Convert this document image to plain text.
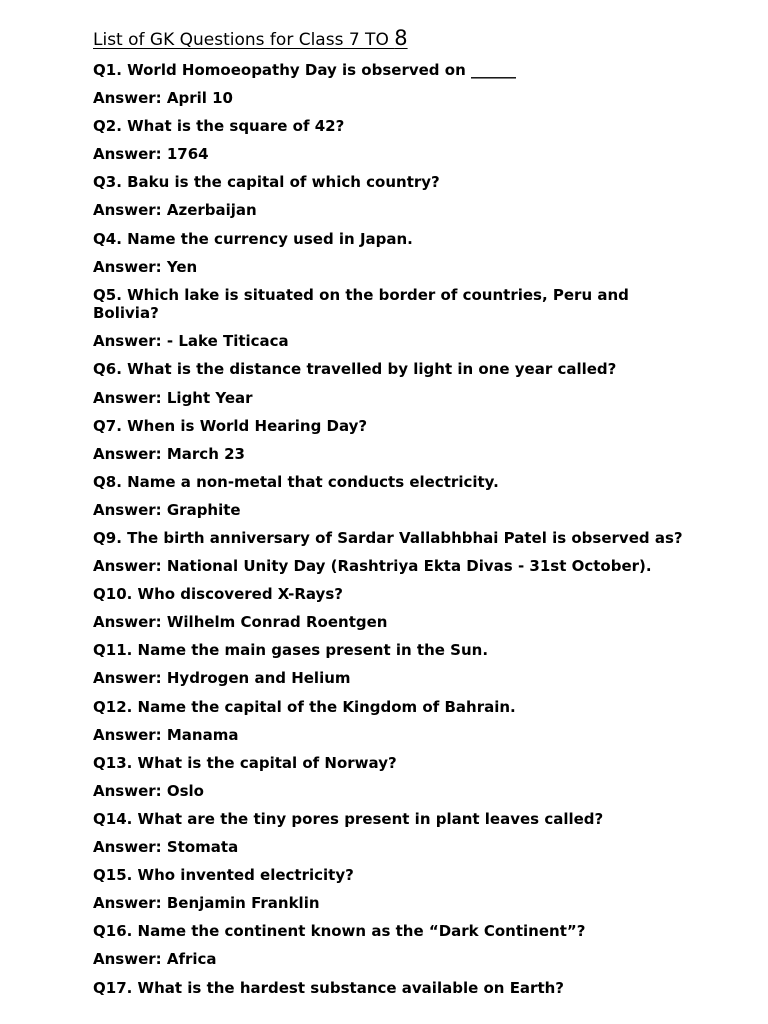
List of GK Questions for Class 7 TO 8
Q1. World Homoeopathy Day is observed on ______
Answer: April 10
Q2. What is the square of 42?
Answer: 1764
Q3. Baku is the capital of which country?
Answer: Azerbaijan
Q4. Name the currency used in Japan.
Answer: Yen
Q5. Which lake is situated on the border of countries, Peru and Bolivia?
Answer: - Lake Titicaca
Q6. What is the distance travelled by light in one year called?
Answer: Light Year
Q7. When is World Hearing Day?
Answer: March 23
Q8. Name a non-metal that conducts electricity.
Answer: Graphite
Q9. The birth anniversary of Sardar Vallabhbhai Patel is observed as?
Answer: National Unity Day (Rashtriya Ekta Divas - 31st October).
Q10. Who discovered X-Rays?
Answer: Wilhelm Conrad Roentgen
Q11. Name the main gases present in the Sun.
Answer: Hydrogen and Helium
Q12. Name the capital of the Kingdom of Bahrain.
Answer: Manama
Q13. What is the capital of Norway?
Answer: Oslo
Q14. What are the tiny pores present in plant leaves called?
Answer: Stomata
Q15. Who invented electricity?
Answer: Benjamin Franklin
Q16. Name the continent known as the “Dark Continent”?
Answer: Africa
Q17. What is the hardest substance available on Earth?
